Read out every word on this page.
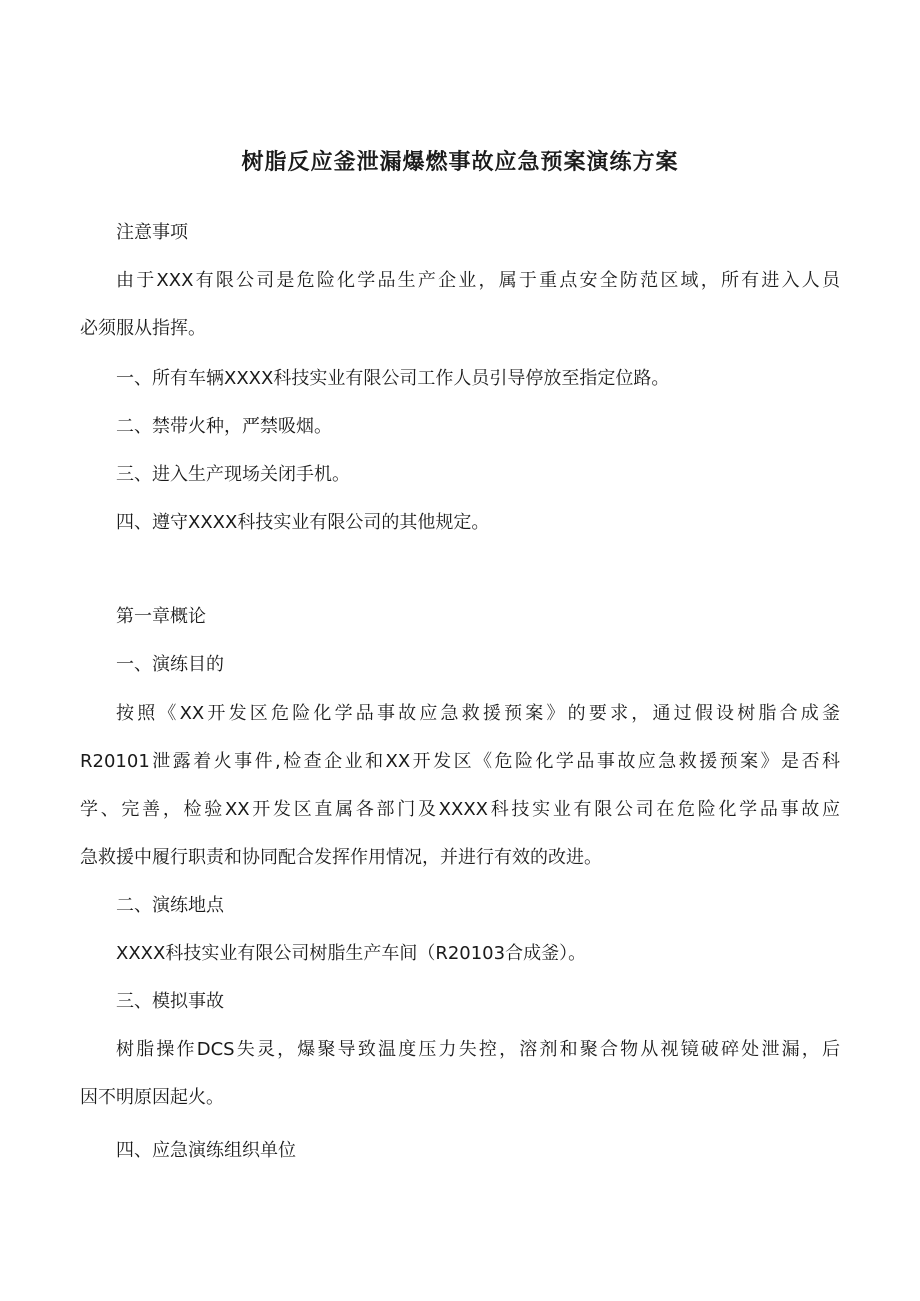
树脂反应釜泄漏爆燃事故应急预案演练方案

注意事项

由于XXX有限公司是危险化学品生产企业，属于重点安全防范区域，所有进入人员

必须服从指挥。

一、所有车辆XXXX科技实业有限公司工作人员引导停放至指定位路。

二、禁带火种，严禁吸烟。

三、进入生产现场关闭手机。

四、遵守XXXX科技实业有限公司的其他规定。

第一章概论

一、演练目的

按照《XX开发区危险化学品事故应急救援预案》的要求，通过假设树脂合成釜

R20101泄露着火事件,检查企业和XX开发区《危险化学品事故应急救援预案》是否科

学、完善，检验XX开发区直属各部门及XXXX科技实业有限公司在危险化学品事故应

急救援中履行职责和协同配合发挥作用情况，并进行有效的改进。

二、演练地点

XXXX科技实业有限公司树脂生产车间（R20103合成釜）。

三、模拟事故

树脂操作DCS失灵，爆聚导致温度压力失控，溶剂和聚合物从视镜破碎处泄漏，后

因不明原因起火。

四、应急演练组织单位
